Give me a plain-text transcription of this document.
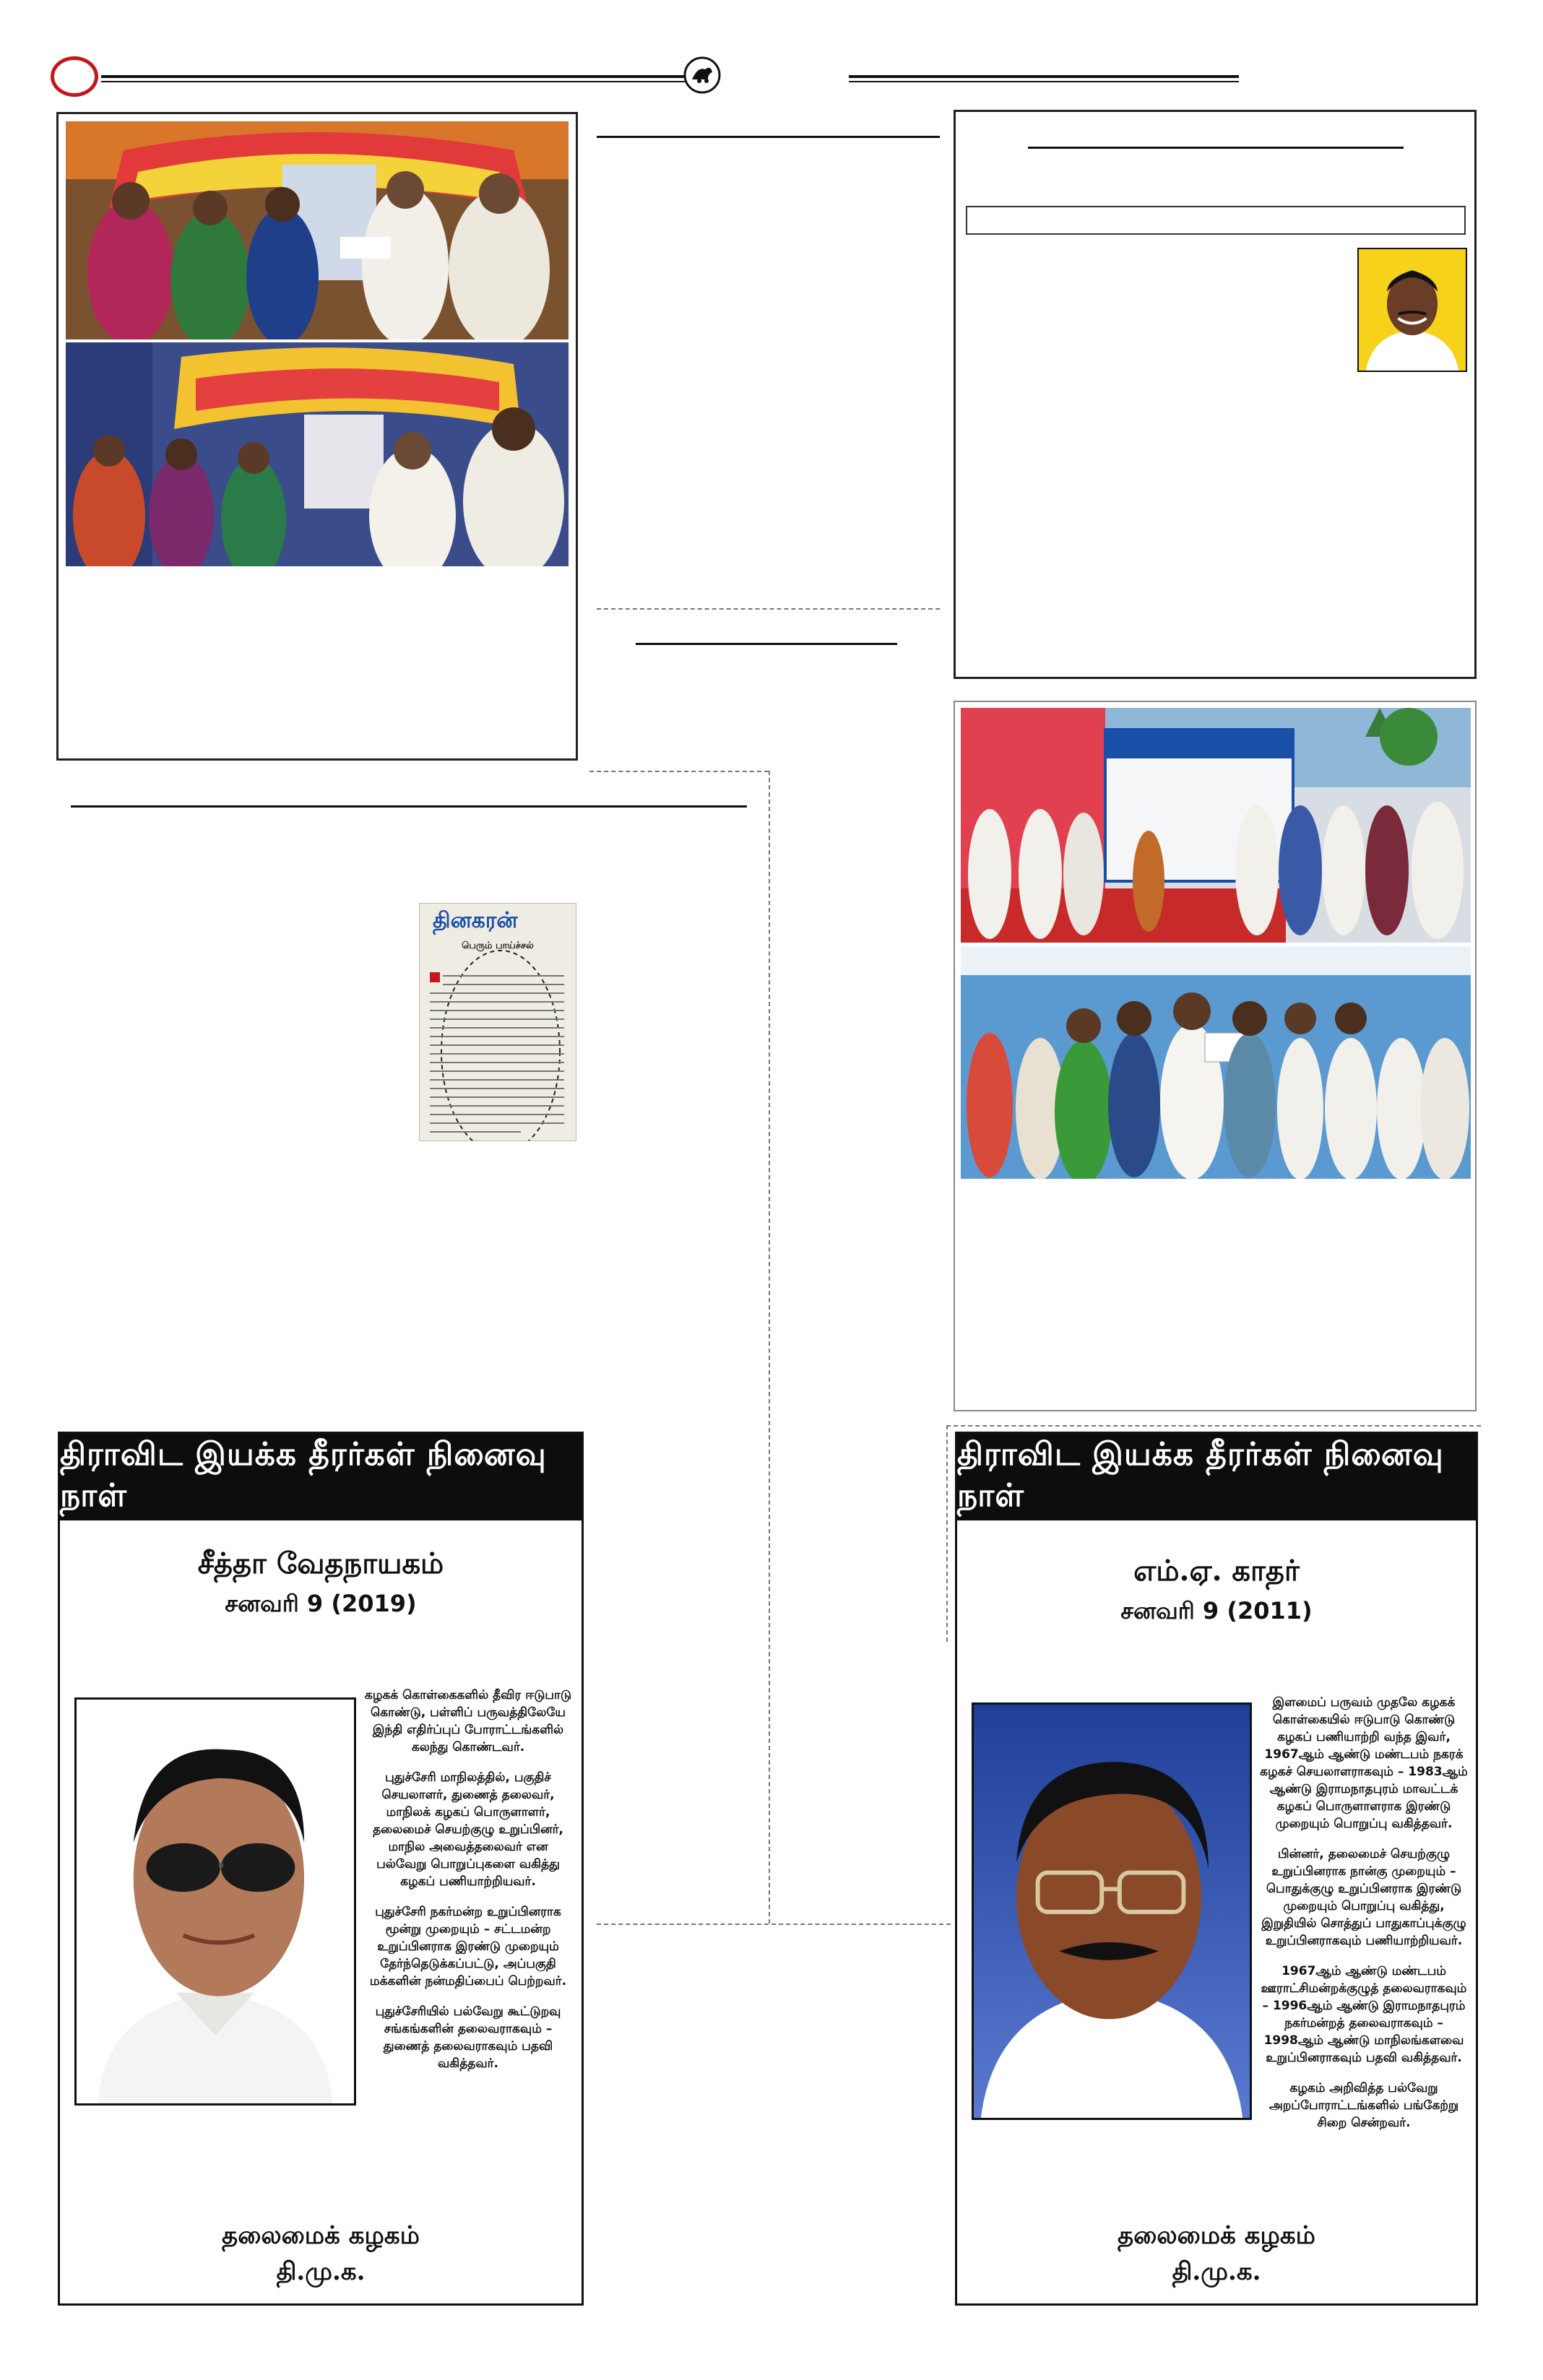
தினகரன்
பெரும் பாய்ச்சல்
திராவிட இயக்க தீரர்கள் நினைவு நாள்
சீத்தா வேதநாயகம்
சனவரி 9 (2019)

கழகக் கொள்கைகளில் தீவிர ஈடுபாடு கொண்டு, பள்ளிப் பருவத்திலேயே இந்தி எதிர்ப்புப் போராட்டங்களில் கலந்து கொண்டவர்.

புதுச்சேரி மாநிலத்தில், பகுதிச் செயலாளர், துணைத் தலைவர், மாநிலக் கழகப் பொருளாளர், தலைமைச் செயற்குழு உறுப்பினர், மாநில அவைத்தலைவர் என பல்வேறு பொறுப்புகளை வகித்து கழகப் பணியாற்றியவர்.

புதுச்சேரி நகர்மன்ற உறுப்பினராக மூன்று முறையும் – சட்டமன்ற உறுப்பினராக இரண்டு முறையும் தேர்ந்தெடுக்கப்பட்டு, அப்பகுதி மக்களின் நன்மதிப்பைப் பெற்றவர்.

புதுச்சேரியில் பல்வேறு கூட்டுறவு சங்கங்களின் தலைவராகவும் – துணைத் தலைவராகவும் பதவி வகித்தவர்.

தலைமைக் கழகம்
தி.மு.க.
திராவிட இயக்க தீரர்கள் நினைவு நாள்
எம்.ஏ. காதர்
சனவரி 9 (2011)

இளமைப் பருவம் முதலே கழகக் கொள்கையில் ஈடுபாடு கொண்டு கழகப் பணியாற்றி வந்த இவர், 1967ஆம் ஆண்டு மண்டபம் நகரக் கழகச் செயலாளராகவும் – 1983ஆம் ஆண்டு இராமநாதபுரம் மாவட்டக் கழகப் பொருளாளராக இரண்டு முறையும் பொறுப்பு வகித்தவர்.

பின்னர், தலைமைச் செயற்குழு உறுப்பினராக நான்கு முறையும் – பொதுக்குழு உறுப்பினராக இரண்டு முறையும் பொறுப்பு வகித்து, இறுதியில் சொத்துப் பாதுகாப்புக்குழு உறுப்பினராகவும் பணியாற்றியவர்.

1967ஆம் ஆண்டு மண்டபம் ஊராட்சிமன்றக்குழுத் தலைவராகவும் – 1996ஆம் ஆண்டு இராமநாதபுரம் நகர்மன்றத் தலைவராகவும் – 1998ஆம் ஆண்டு மாநிலங்களவை உறுப்பினராகவும் பதவி வகித்தவர்.

கழகம் அறிவித்த பல்வேறு அறப்போராட்டங்களில் பங்கேற்று சிறை சென்றவர்.

தலைமைக் கழகம்
தி.மு.க.
